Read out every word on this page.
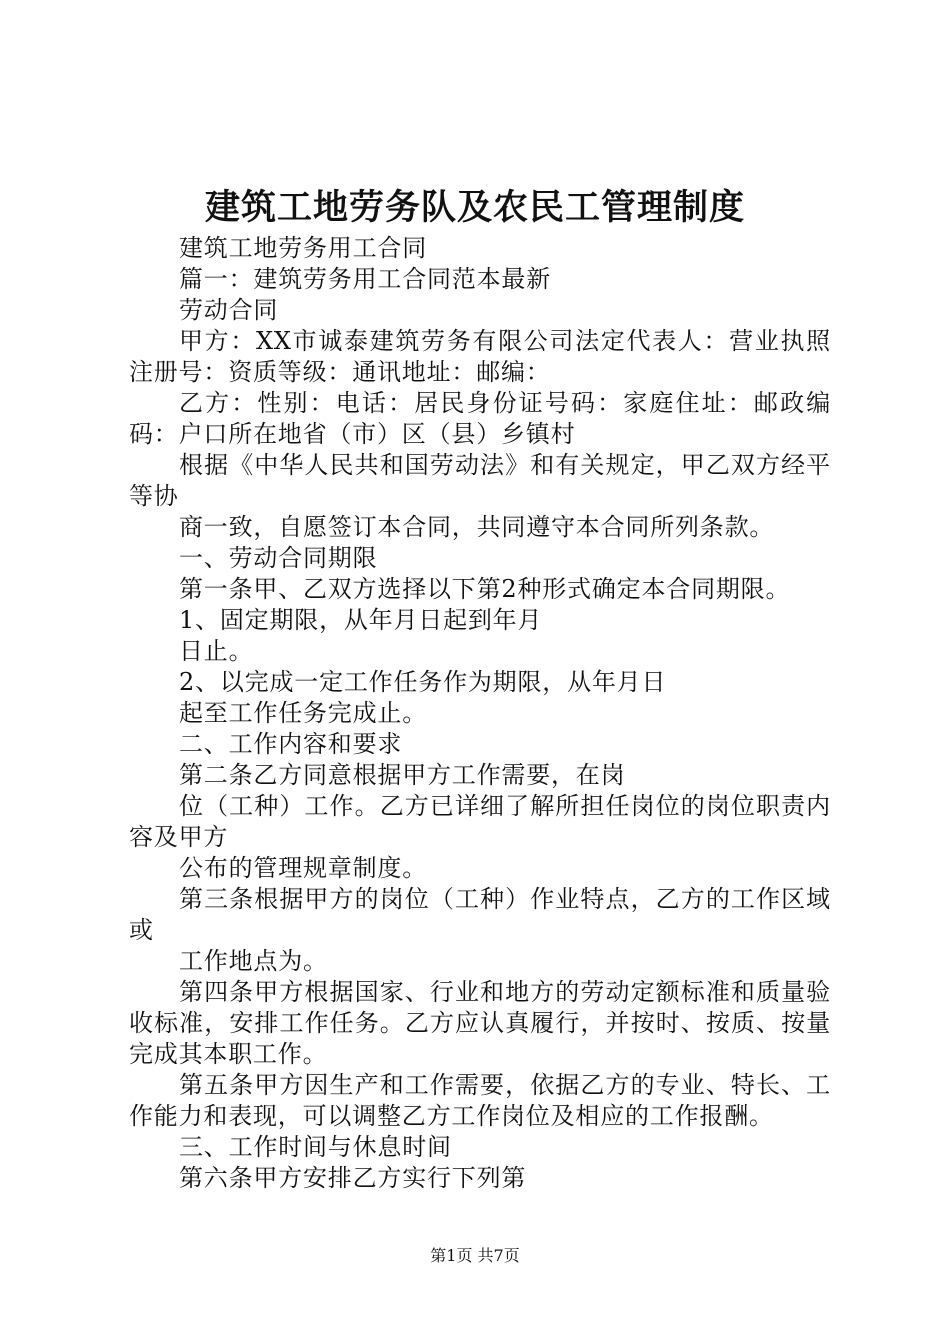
建筑工地劳务队及农民工管理制度

建筑工地劳务用工合同

篇一：建筑劳务用工合同范本最新

劳动合同

甲方：XX市诚泰建筑劳务有限公司法定代表人：营业执照注册号：资质等级：通讯地址：邮编：

乙方：性别：电话：居民身份证号码：家庭住址：邮政编码：户口所在地省（市）区（县）乡镇村

根据《中华人民共和国劳动法》和有关规定，甲乙双方经平等协

商一致，自愿签订本合同，共同遵守本合同所列条款。

一、劳动合同期限

第一条甲、乙双方选择以下第2种形式确定本合同期限。

1、固定期限，从年月日起到年月

日止。

2、以完成一定工作任务作为期限，从年月日

起至工作任务完成止。

二、工作内容和要求

第二条乙方同意根据甲方工作需要，在岗

位（工种）工作。乙方已详细了解所担任岗位的岗位职责内容及甲方

公布的管理规章制度。

第三条根据甲方的岗位（工种）作业特点，乙方的工作区域或

工作地点为。

第四条甲方根据国家、行业和地方的劳动定额标准和质量验收标准，安排工作任务。乙方应认真履行，并按时、按质、按量完成其本职工作。

第五条甲方因生产和工作需要，依据乙方的专业、特长、工作能力和表现，可以调整乙方工作岗位及相应的工作报酬。

三、工作时间与休息时间

第六条甲方安排乙方实行下列第

第1页 共7页
